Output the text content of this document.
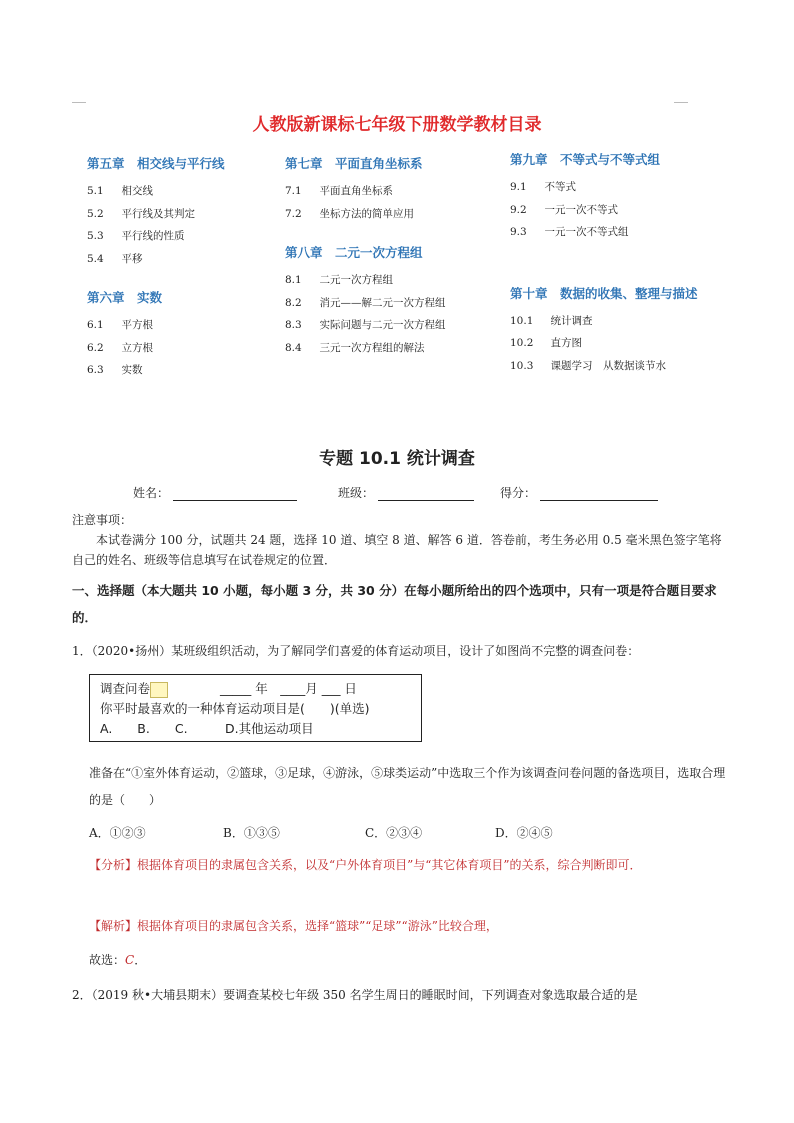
人教版新课标七年级下册数学教材目录

第五章　相交线与平行线

5.1　 相交线

5.2　 平行线及其判定

5.3　 平行线的性质

5.4　 平移

第六章　实数

6.1　 平方根

6.2　 立方根

6.3　 实数

第七章　平面直角坐标系

7.1　 平面直角坐标系

7.2　 坐标方法的简单应用

第八章　二元一次方程组

8.1　 二元一次方程组

8.2　 消元——解二元一次方程组

8.3　 实际问题与二元一次方程组

8.4　 三元一次方程组的解法

第九章　不等式与不等式组

9.1　 不等式

9.2　 一元一次不等式

9.3　 一元一次不等式组

第十章　数据的收集、整理与描述

10.1　 统计调查

10.2　 直方图

10.3　 课题学习　从数据谈节水

专题 10.1 统计调查
姓名：	班级：	得分：
注意事项：
本试卷满分 100 分，试题共 24 题，选择 10 道、填空 8 道、解答 6 道．答卷前，考生务必用 0.5 毫米黑色签字笔将自己的姓名、班级等信息填写在试卷规定的位置．
一、选择题（本大题共 10 小题，每小题 3 分，共 30 分）在每小题所给出的四个选项中，只有一项是符合题目要求的．
1．（2020•扬州）某班级组织活动，为了解同学们喜爱的体育运动项目，设计了如图尚不完整的调查问卷：
调查问卷	_____ 年　____月 ___ 日
你平时最喜欢的一种体育运动项目是(　　)(单选)
A.　　B.　　C.　　　D.其他运动项目
准备在“①室外体育运动，②篮球，③足球，④游泳，⑤球类运动”中选取三个作为该调查问卷问题的备选项目，选取合理的是（　　）
A．①②③	B．①③⑤	C．②③④	D．②④⑤
【分析】根据体育项目的隶属包含关系，以及“户外体育项目”与“其它体育项目”的关系，综合判断即可．
【解析】根据体育项目的隶属包含关系，选择“篮球”“足球”“游泳”比较合理，
故选：C．
2．（2019 秋•大埔县期末）要调查某校七年级 350 名学生周日的睡眠时间，下列调查对象选取最合适的是
